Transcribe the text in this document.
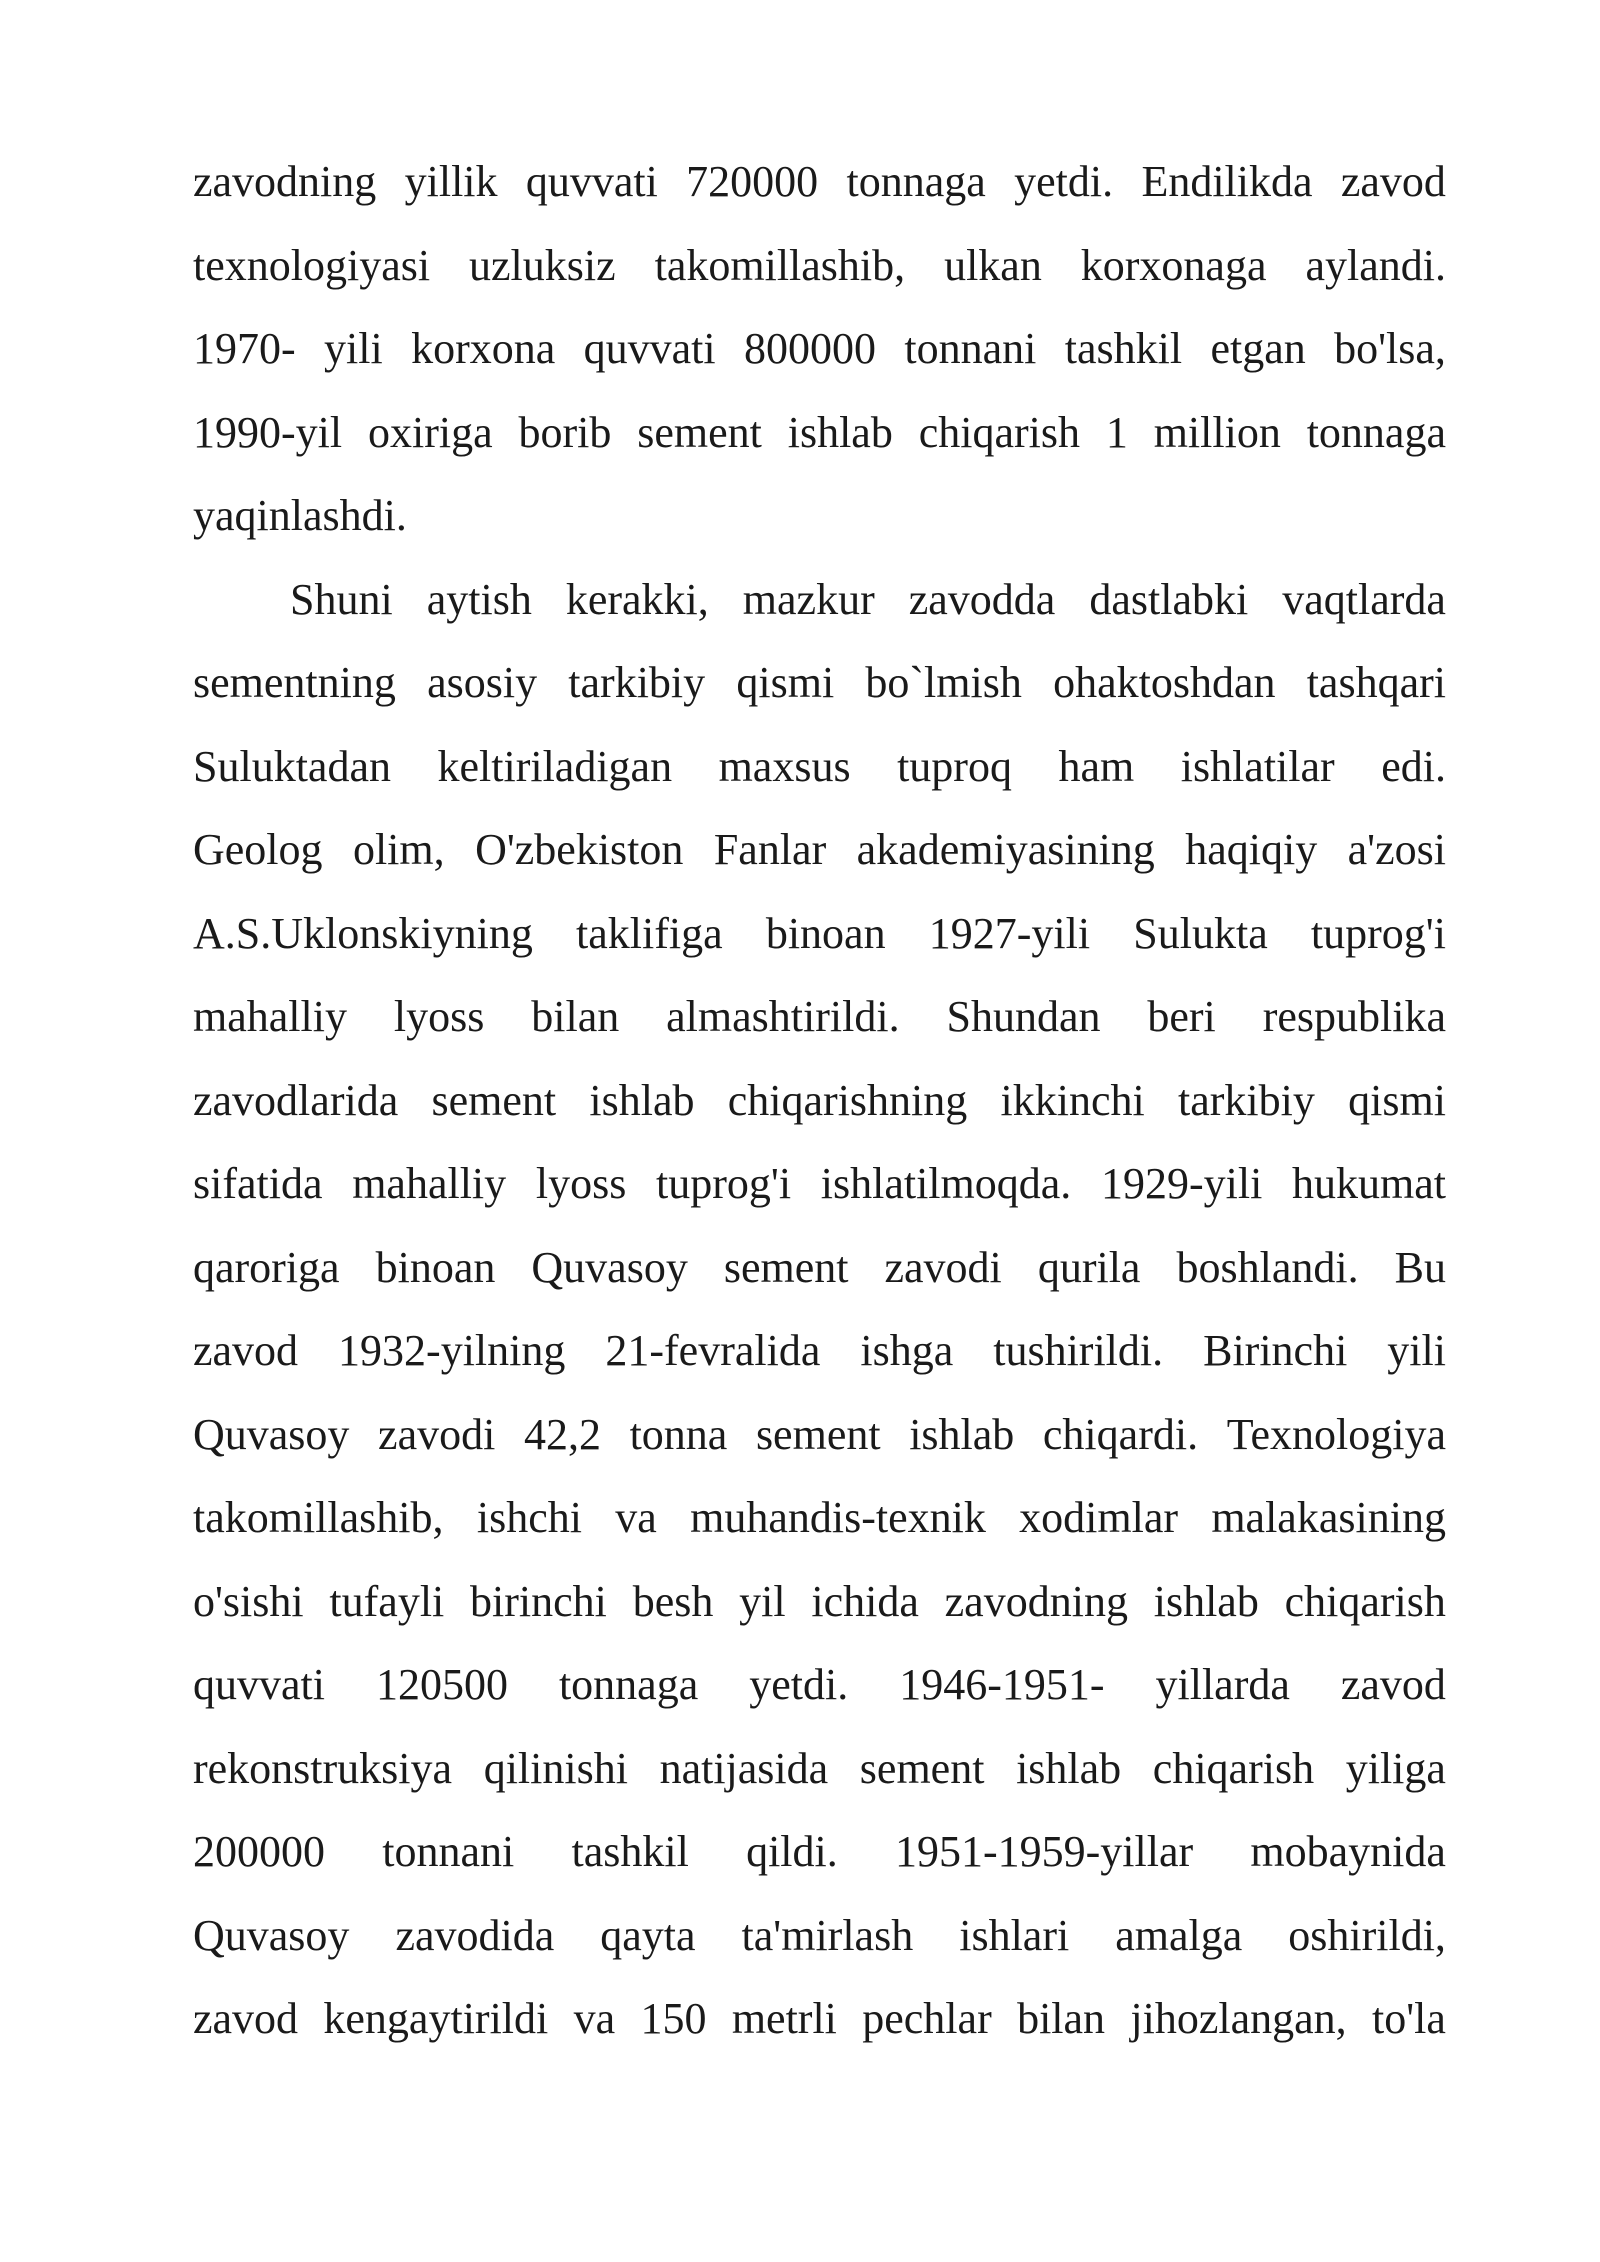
zavodning yillik quvvati 720000 tonnaga yetdi. Endilikda zavod
texnologiyasi uzluksiz takomillashib, ulkan korxonaga aylandi.
1970- yili korxona quvvati 800000 tonnani tashkil etgan bo'lsa,
1990-yil oxiriga borib sement ishlab chiqarish 1 million tonnaga
yaqinlashdi.
Shuni aytish kerakki, mazkur zavodda dastlabki vaqtlarda
sementning asosiy tarkibiy qismi bo`lmish ohaktoshdan tashqari
Suluktadan keltiriladigan maxsus tuproq ham ishlatilar edi.
Geolog olim, O'zbekiston Fanlar akademiyasining haqiqiy a'zosi
A.S.Uklonskiyning taklifiga binoan 1927-yili Sulukta tuprog'i
mahalliy lyoss bilan almashtirildi. Shundan beri respublika
zavodlarida sement ishlab chiqarishning ikkinchi tarkibiy qismi
sifatida mahalliy lyoss tuprog'i ishlatilmoqda. 1929-yili hukumat
qaroriga binoan Quvasoy sement zavodi qurila boshlandi. Bu
zavod 1932-yilning 21-fevralida ishga tushirildi. Birinchi yili
Quvasoy zavodi 42,2 tonna sement ishlab chiqardi. Texnologiya
takomillashib, ishchi va muhandis-texnik xodimlar malakasining
o'sishi tufayli birinchi besh yil ichida zavodning ishlab chiqarish
quvvati 120500 tonnaga yetdi. 1946-1951- yillarda zavod
rekonstruksiya qilinishi natijasida sement ishlab chiqarish yiliga
200000 tonnani tashkil qildi. 1951-1959-yillar mobaynida
Quvasoy zavodida qayta ta'mirlash ishlari amalga oshirildi,
zavod kengaytirildi va 150 metrli pechlar bilan jihozlangan, to'la
